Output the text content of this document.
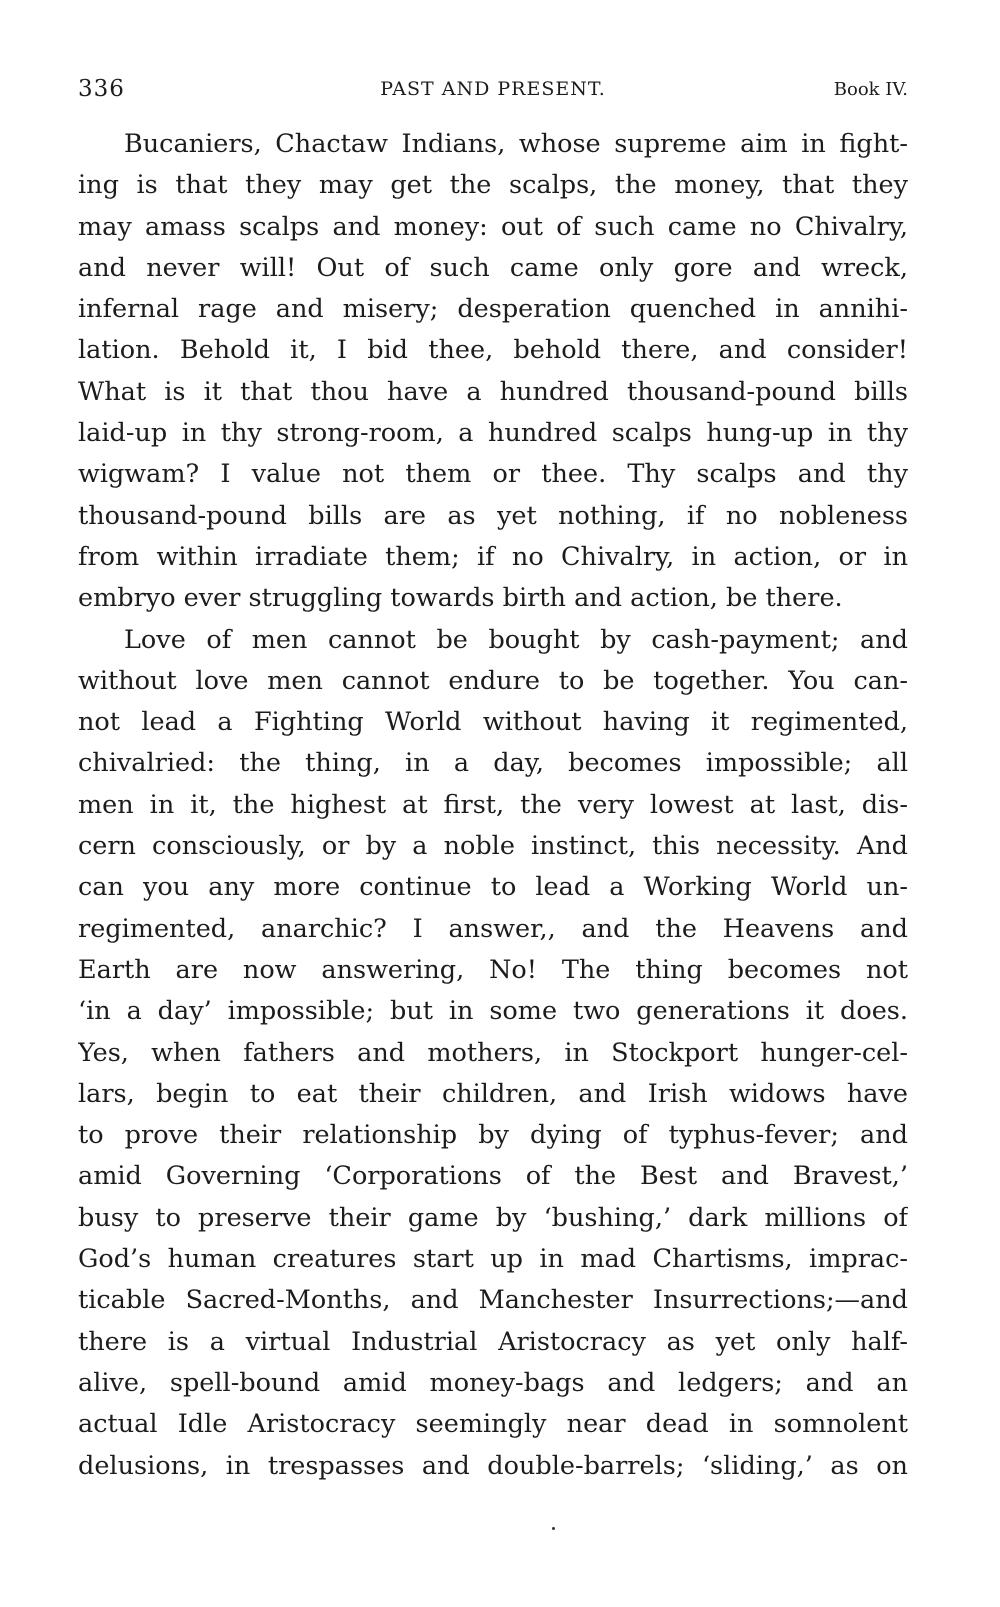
336	PAST AND PRESENT.	Book IV.
Bucaniers, Chactaw Indians, whose supreme aim in fight-
ing is that they may get the scalps, the money, that they
may amass scalps and money: out of such came no Chivalry,
and never will! Out of such came only gore and wreck,
infernal rage and misery; desperation quenched in annihi-
lation. Behold it, I bid thee, behold there, and consider!
What is it that thou have a hundred thousand-pound bills
laid-up in thy strong-room, a hundred scalps hung-up in thy
wigwam? I value not them or thee. Thy scalps and thy
thousand-pound bills are as yet nothing, if no nobleness
from within irradiate them; if no Chivalry, in action, or in
embryo ever struggling towards birth and action, be there.
Love of men cannot be bought by cash-payment; and
without love men cannot endure to be together. You can-
not lead a Fighting World without having it regimented,
chivalried: the thing, in a day, becomes impossible; all
men in it, the highest at first, the very lowest at last, dis-
cern consciously, or by a noble instinct, this necessity. And
can you any more continue to lead a Working World un-
regimented, anarchic? I answer,, and the Heavens and
Earth are now answering, No! The thing becomes not
‘in a day’ impossible; but in some two generations it does.
Yes, when fathers and mothers, in Stockport hunger-cel-
lars, begin to eat their children, and Irish widows have
to prove their relationship by dying of typhus-fever; and
amid Governing ‘Corporations of the Best and Bravest,’
busy to preserve their game by ‘bushing,’ dark millions of
God’s human creatures start up in mad Chartisms, imprac-
ticable Sacred-Months, and Manchester Insurrections;—and
there is a virtual Industrial Aristocracy as yet only half-
alive, spell-bound amid money-bags and ledgers; and an
actual Idle Aristocracy seemingly near dead in somnolent
delusions, in trespasses and double-barrels; ‘sliding,’ as on
